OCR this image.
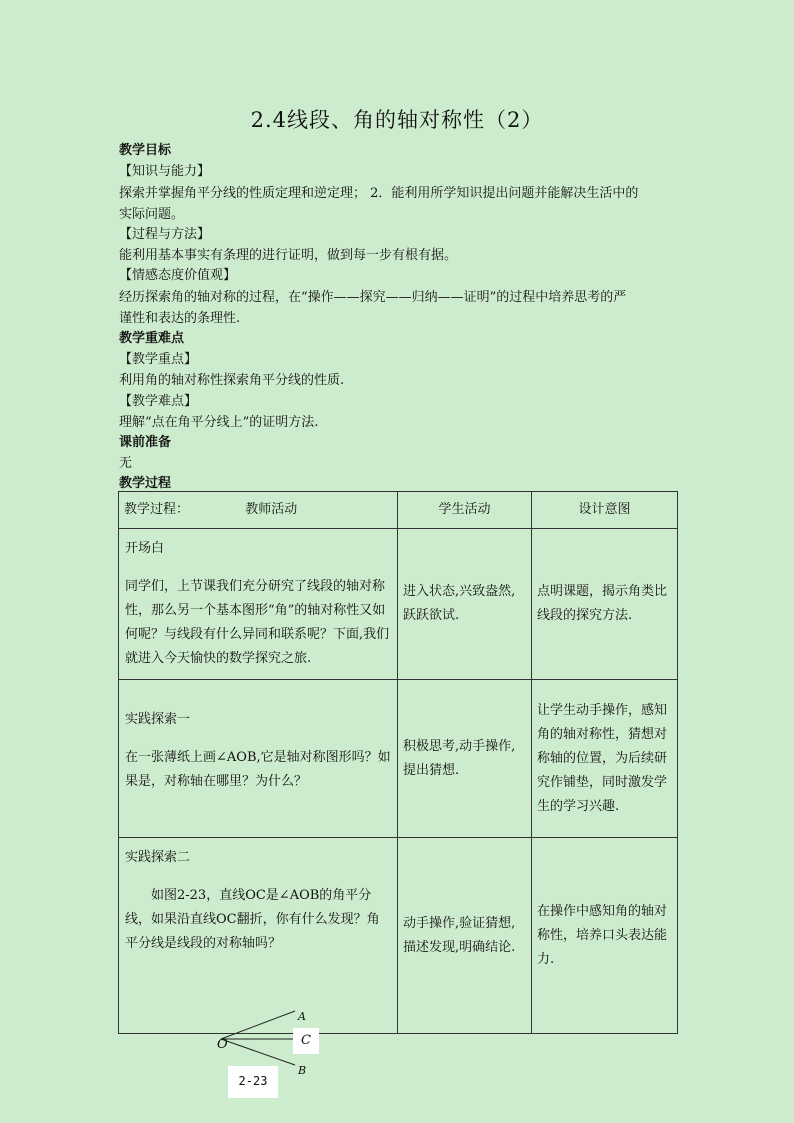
2.4线段、角的轴对称性（2）
教学目标
【知识与能力】
探索并掌握角平分线的性质定理和逆定理； 2．能利用所学知识提出问题并能解决生活中的
实际问题。
【过程与方法】
能利用基本事实有条理的进行证明，做到每一步有根有据。
【情感态度价值观】
经历探索角的轴对称的过程，在“操作——探究——归纳——证明”的过程中培养思考的严
谨性和表达的条理性.
教学重难点
【教学重点】
利用角的轴对称性探索角平分线的性质.
【教学难点】
理解“点在角平分线上”的证明方法.
课前准备
无
教学过程
教学过程： 教师活动	学生活动	设计意图

开场白
同学们，上节课我们充分研究了线段的轴对称性，那么另一个基本图形“角”的轴对称性又如何呢？与线段有什么异同和联系呢？下面,我们就进入今天愉快的数学探究之旅.	进入状态,兴致盎然,跃跃欲试.	点明课题，揭示角类比线段的探究方法.

实践探索一
在一张薄纸上画∠AOB,它是轴对称图形吗？如果是，对称轴在哪里？为什么？	积极思考,动手操作,提出猜想.	让学生动手操作，感知角的轴对称性，猜想对称轴的位置，为后续研究作铺垫，同时激发学生的学习兴趣.

实践探索二
如图2-23，直线OC是∠AOB的角平分线，如果沿直线OC翻折，你有什么发现？角平分线是线段的对称轴吗？	动手操作,验证猜想,描述发现,明确结论.	在操作中感知角的轴对称性，培养口头表达能力.
O
A
B
C
2-23
